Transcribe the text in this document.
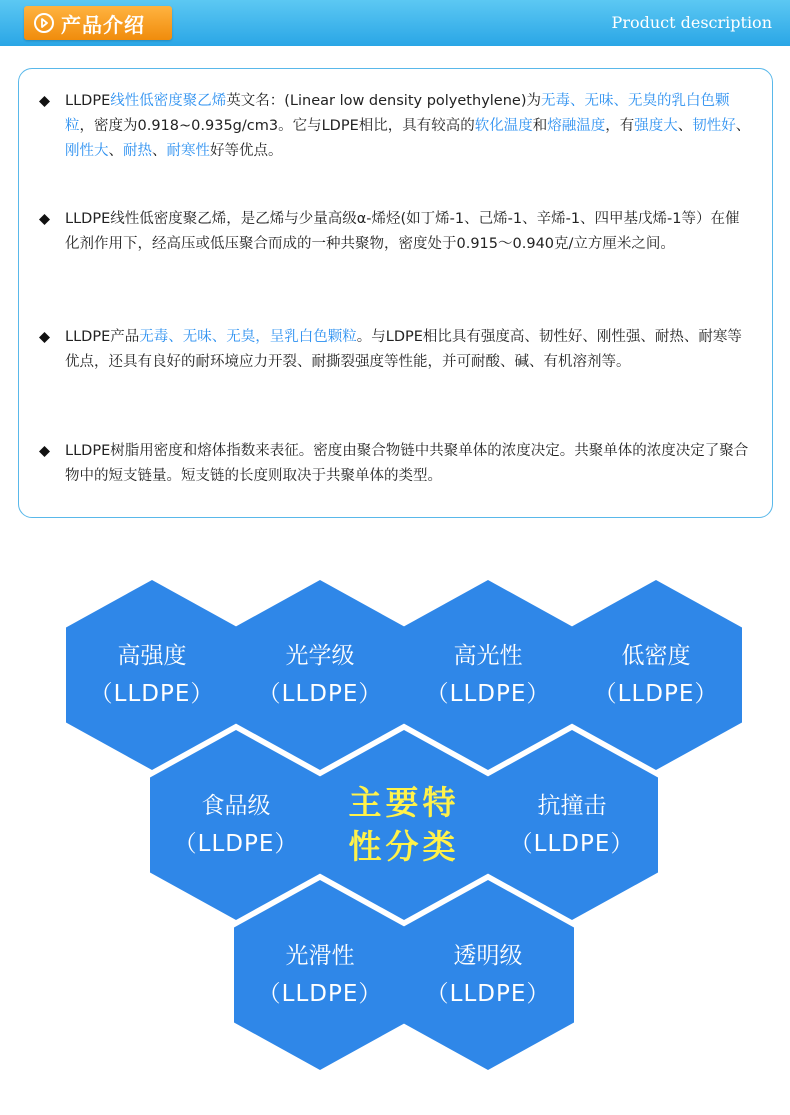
产品介绍	Product description
LLDPE线性低密度聚乙烯英文名：(Linear low density polyethylene)为无毒、无味、无臭的乳白色颗粒，密度为0.918~0.935g/cm3。它与LDPE相比，具有较高的软化温度和熔融温度，有强度大、韧性好、刚性大、耐热、耐寒性好等优点。
LLDPE线性低密度聚乙烯，是乙烯与少量高级α-烯烃(如丁烯-1、己烯-1、辛烯-1、四甲基戊烯-1等）在催化剂作用下，经高压或低压聚合而成的一种共聚物，密度处于0.915～0.940克/立方厘米之间。
LLDPE产品无毒、无味、无臭，呈乳白色颗粒。与LDPE相比具有强度高、韧性好、刚性强、耐热、耐寒等优点，还具有良好的耐环境应力开裂、耐撕裂强度等性能，并可耐酸、碱、有机溶剂等。
LLDPE树脂用密度和熔体指数来表征。密度由聚合物链中共聚单体的浓度决定。共聚单体的浓度决定了聚合物中的短支链量。短支链的长度则取决于共聚单体的类型。
高强度
（LLDPE）
光学级
（LLDPE）
高光性
（LLDPE）
低密度
（LLDPE）
食品级
（LLDPE）
主要特
性分类
抗撞击
（LLDPE）
光滑性
（LLDPE）
透明级
（LLDPE）
